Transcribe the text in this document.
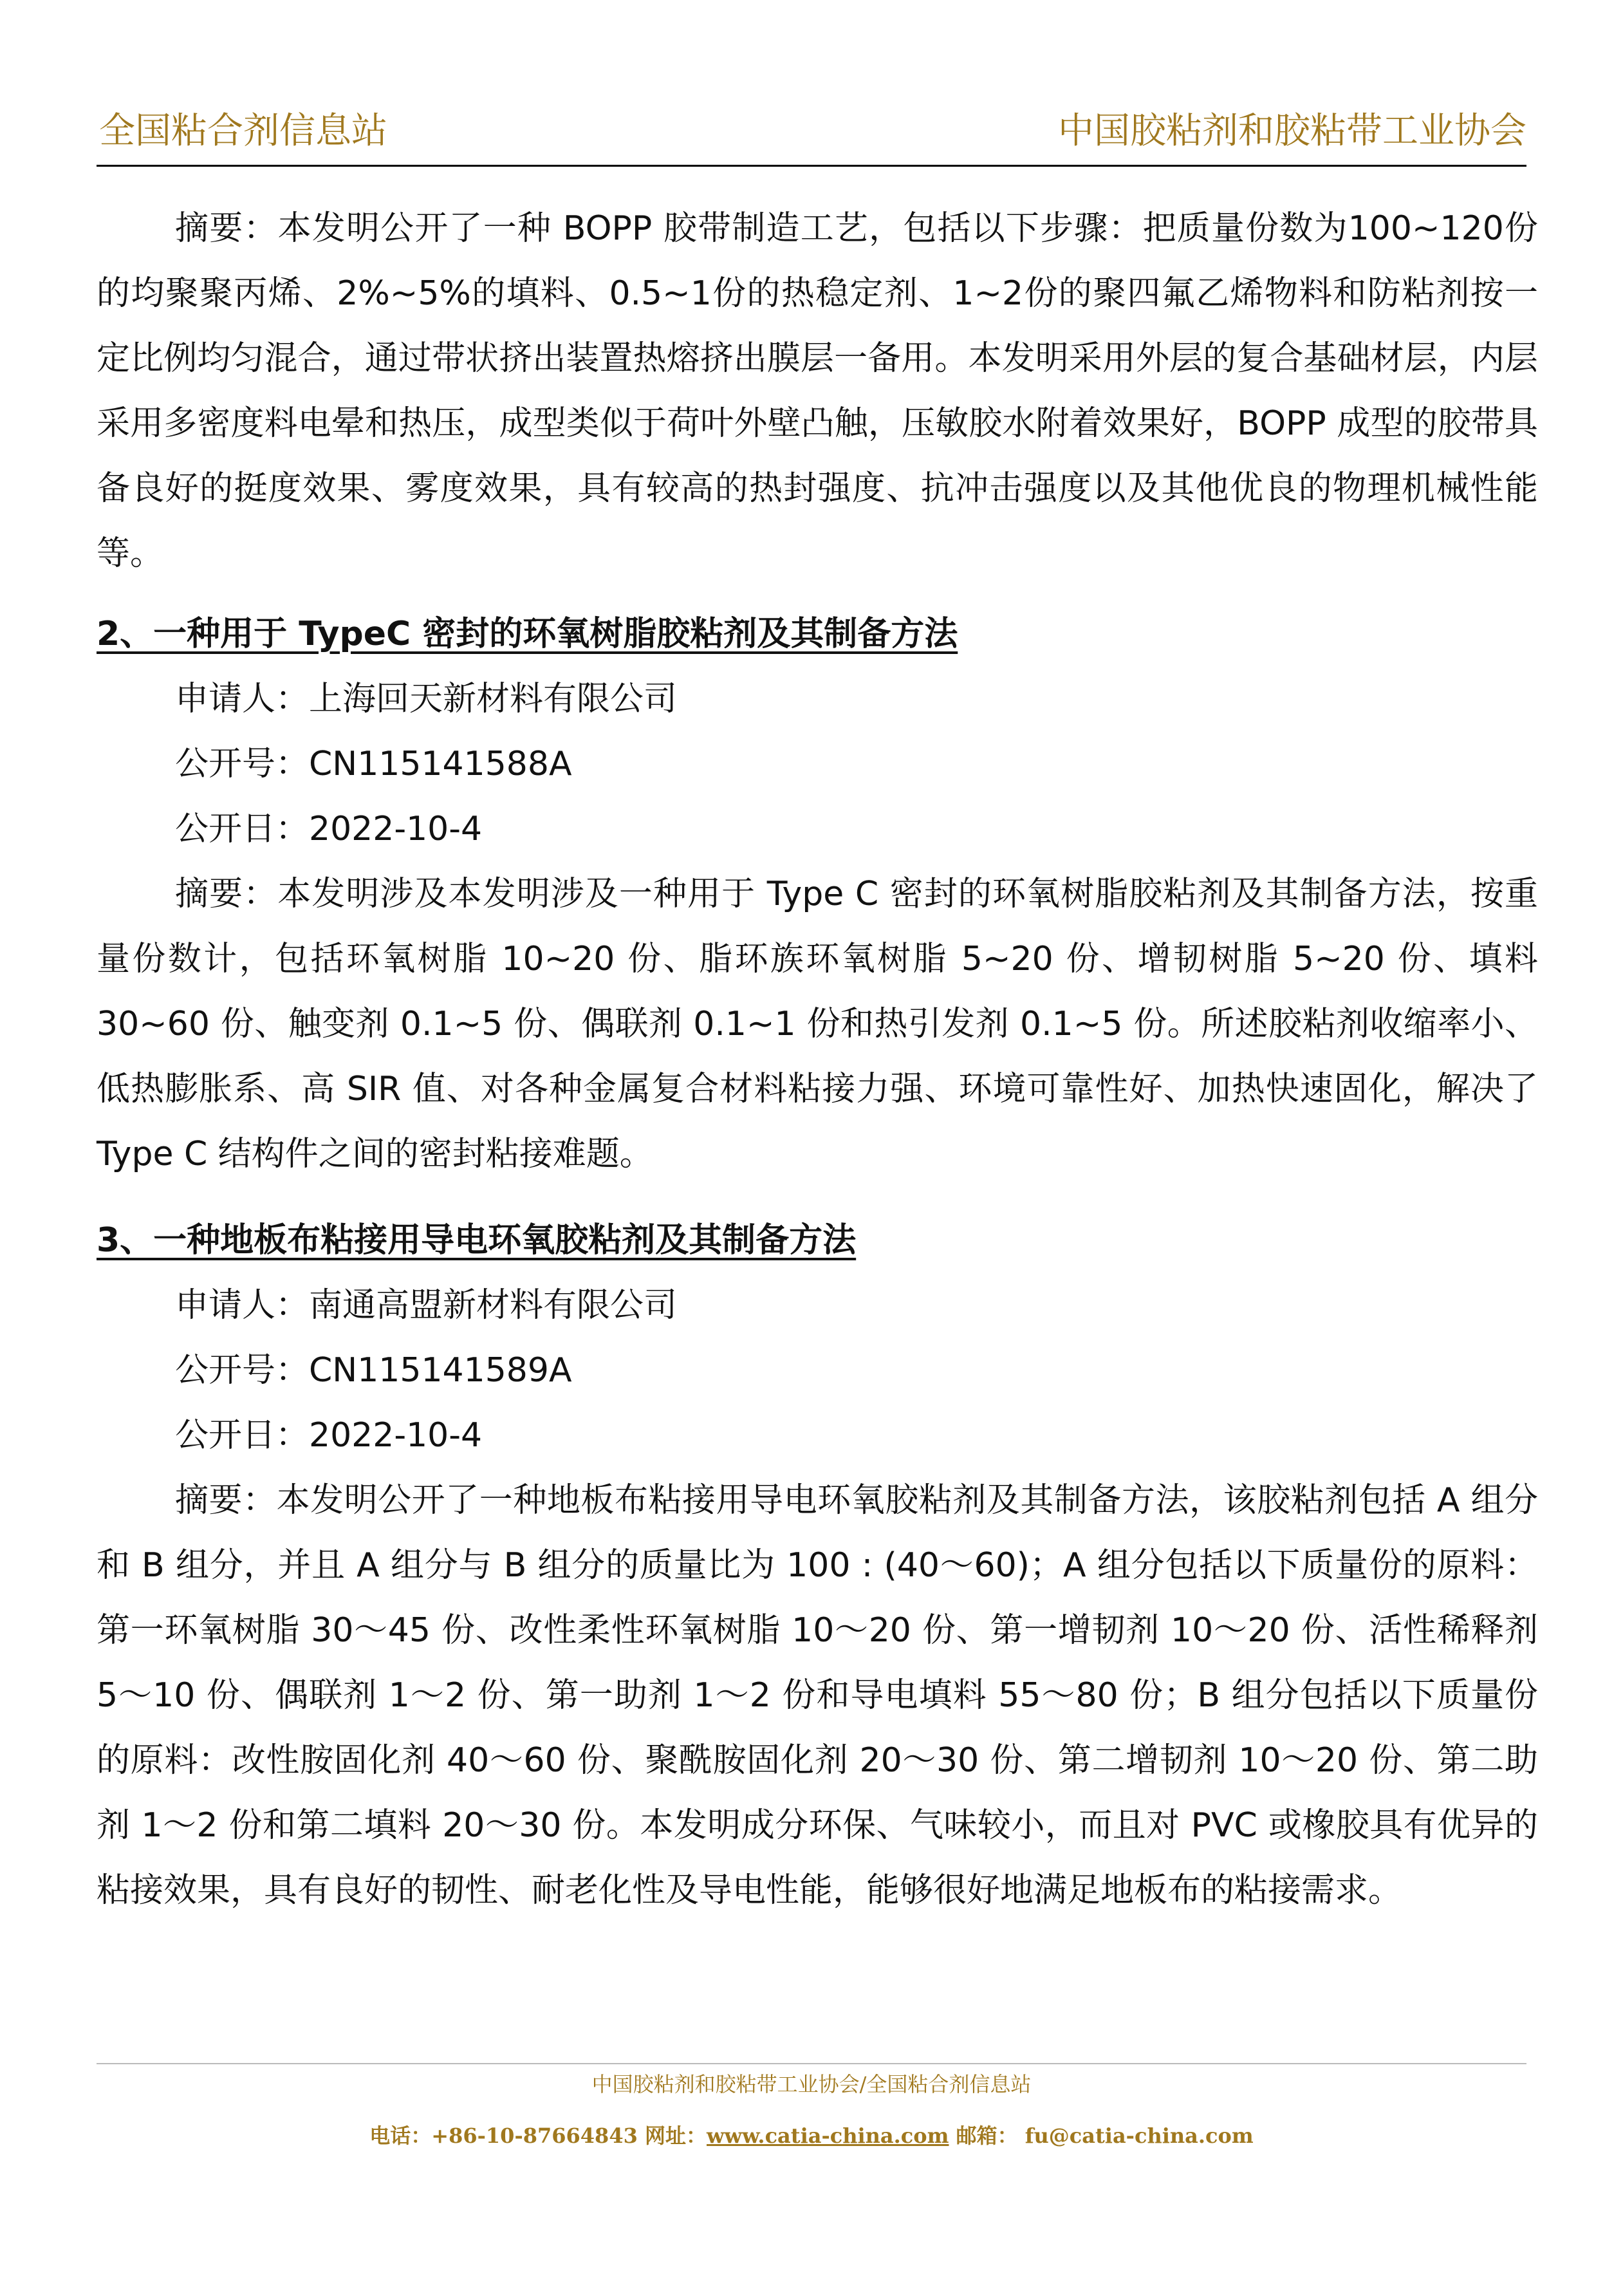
全国粘合剂信息站	中国胶粘剂和胶粘带工业协会

摘要：本发明公开了一种 BOPP 胶带制造工艺，包括以下步骤：把质量份数为100~120份的均聚聚丙烯、2%~5%的填料、0.5~1份的热稳定剂、1~2份的聚四氟乙烯物料和防粘剂按一定比例均匀混合，通过带状挤出装置热熔挤出膜层一备用。本发明采用外层的复合基础材层，内层采用多密度料电晕和热压，成型类似于荷叶外壁凸触，压敏胶水附着效果好，BOPP 成型的胶带具备良好的挺度效果、雾度效果，具有较高的热封强度、抗冲击强度以及其他优良的物理机械性能等。

2、一种用于 TypeC 密封的环氧树脂胶粘剂及其制备方法

申请人：上海回天新材料有限公司

公开号：CN115141588A

公开日：2022-10-4

摘要：本发明涉及本发明涉及一种用于 Type C 密封的环氧树脂胶粘剂及其制备方法，按重量份数计，包括环氧树脂 10~20 份、脂环族环氧树脂 5~20 份、增韧树脂 5~20 份、填料 30~60 份、触变剂 0.1~5 份、偶联剂 0.1~1 份和热引发剂 0.1~5 份。所述胶粘剂收缩率小、低热膨胀系、高 SIR 值、对各种金属复合材料粘接力强、环境可靠性好、加热快速固化，解决了 Type C 结构件之间的密封粘接难题。

3、一种地板布粘接用导电环氧胶粘剂及其制备方法

申请人：南通高盟新材料有限公司

公开号：CN115141589A

公开日：2022-10-4

摘要：本发明公开了一种地板布粘接用导电环氧胶粘剂及其制备方法，该胶粘剂包括 A 组分和 B 组分，并且 A 组分与 B 组分的质量比为 100 : (40～60)；A 组分包括以下质量份的原料：第一环氧树脂 30～45 份、改性柔性环氧树脂 10～20 份、第一增韧剂 10～20 份、活性稀释剂 5～10 份、偶联剂 1～2 份、第一助剂 1～2 份和导电填料 55～80 份；B 组分包括以下质量份的原料：改性胺固化剂 40～60 份、聚酰胺固化剂 20～30 份、第二增韧剂 10～20 份、第二助剂 1～2 份和第二填料 20～30 份。本发明成分环保、气味较小，而且对 PVC 或橡胶具有优异的粘接效果，具有良好的韧性、耐老化性及导电性能，能够很好地满足地板布的粘接需求。

中国胶粘剂和胶粘带工业协会/全国粘合剂信息站
电话：+86-10-87664843 网址：www.catia-china.com 邮箱： fu@catia-china.com
